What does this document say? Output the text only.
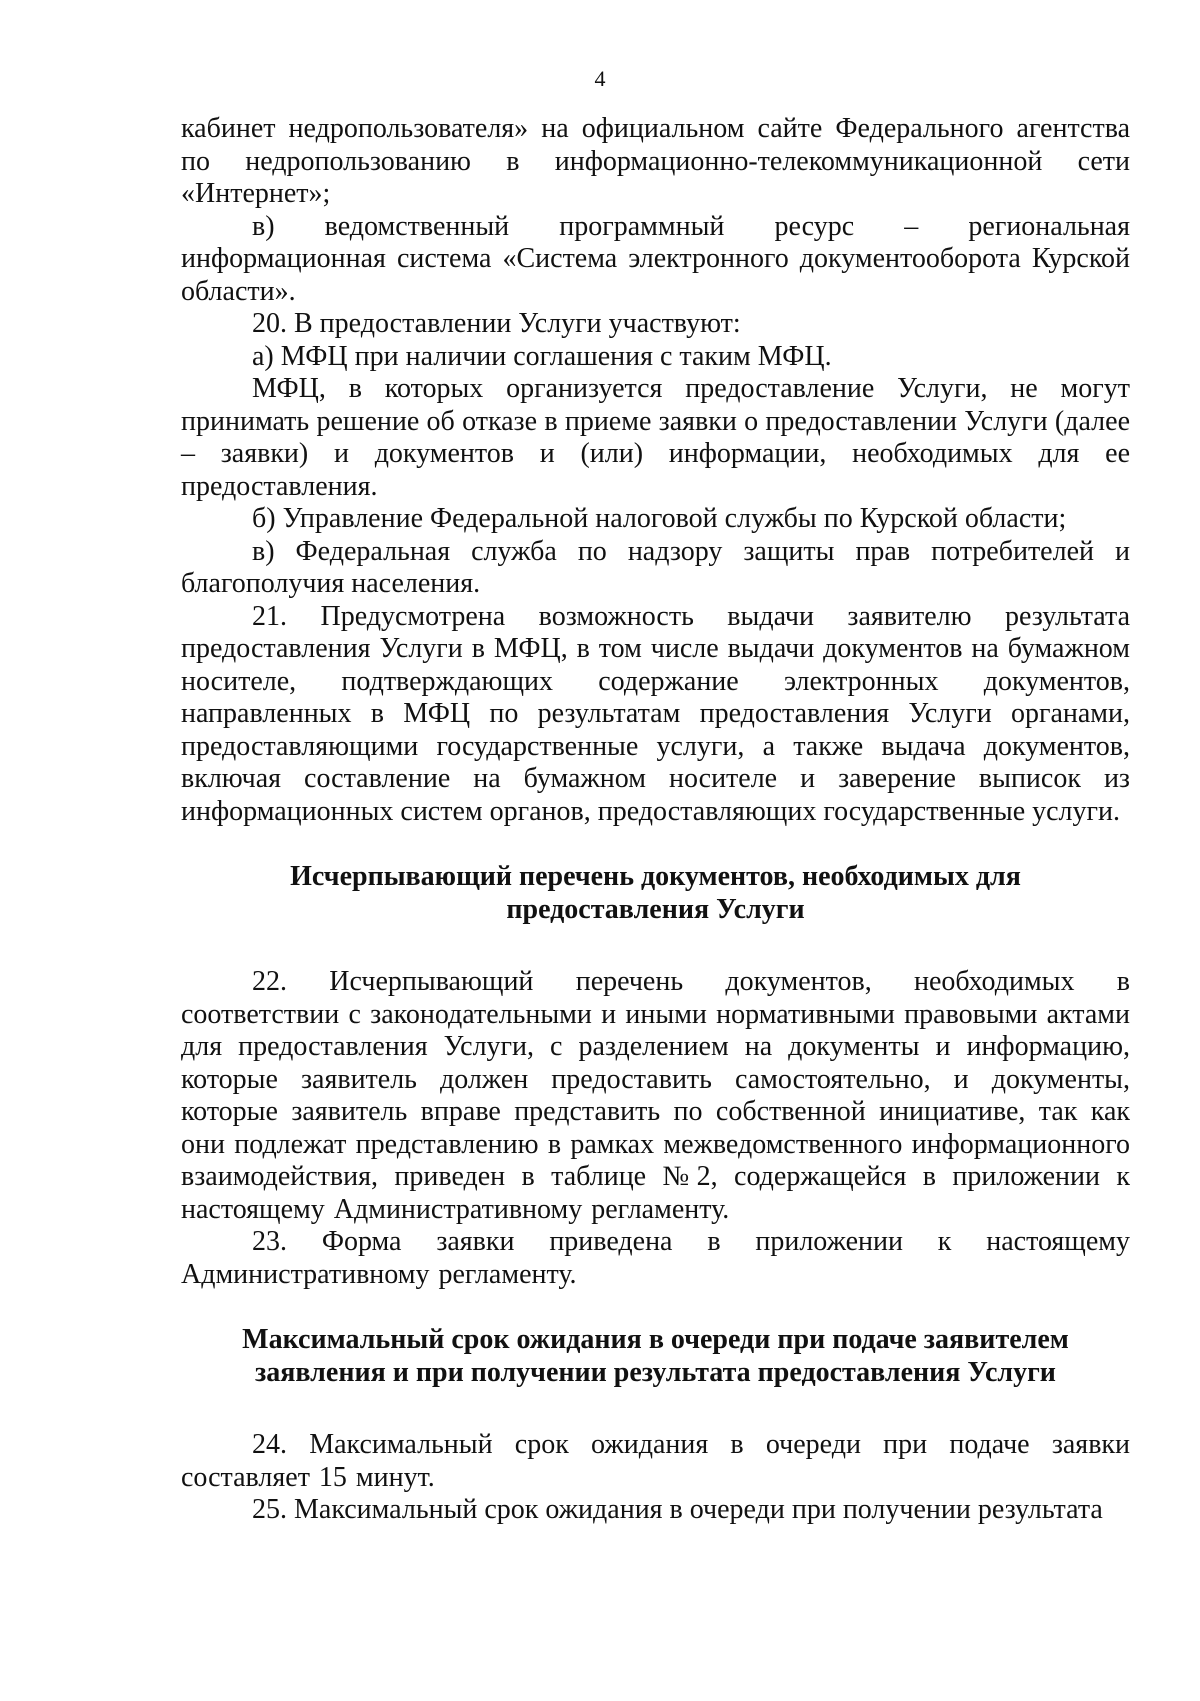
4

кабинет недропользователя» на официальном сайте Федерального агентства по недропользованию в информационно-телекоммуникационной сети «Интернет»;

в) ведомственный программный ресурс – региональная информационная система «Система электронного документооборота Курской области».

20. В предоставлении Услуги участвуют:

а) МФЦ при наличии соглашения с таким МФЦ.

МФЦ, в которых организуется предоставление Услуги, не могут принимать решение об отказе в приеме заявки о предоставлении Услуги (далее – заявки) и документов и (или) информации, необходимых для ее предоставления.

б) Управление Федеральной налоговой службы по Курской области;

в) Федеральная служба по надзору защиты прав потребителей и благополучия населения.

21. Предусмотрена возможность выдачи заявителю результата предоставления Услуги в МФЦ, в том числе выдачи документов на бумажном носителе, подтверждающих содержание электронных документов, направленных в МФЦ по результатам предоставления Услуги органами, предоставляющими государственные услуги, а также выдача документов, включая составление на бумажном носителе и заверение выписок из информационных систем органов, предоставляющих государственные услуги.

Исчерпывающий перечень документов, необходимых для
предоставления Услуги

22. Исчерпывающий перечень документов, необходимых в соответствии с законодательными и иными нормативными правовыми актами для предоставления Услуги, с разделением на документы и информацию, которые заявитель должен предоставить самостоятельно, и документы, которые заявитель вправе представить по собственной инициативе, так как они подлежат представлению в рамках межведомственного информационного взаимодействия, приведен в таблице №2, содержащейся в приложении к настоящему Административному регламенту.

23. Форма заявки приведена в приложении к настоящему Административному регламенту.

Максимальный срок ожидания в очереди при подаче заявителем
заявления и при получении результата предоставления Услуги

24. Максимальный срок ожидания в очереди при подаче заявки составляет 15 минут.

25. Максимальный срок ожидания в очереди при получении результата
